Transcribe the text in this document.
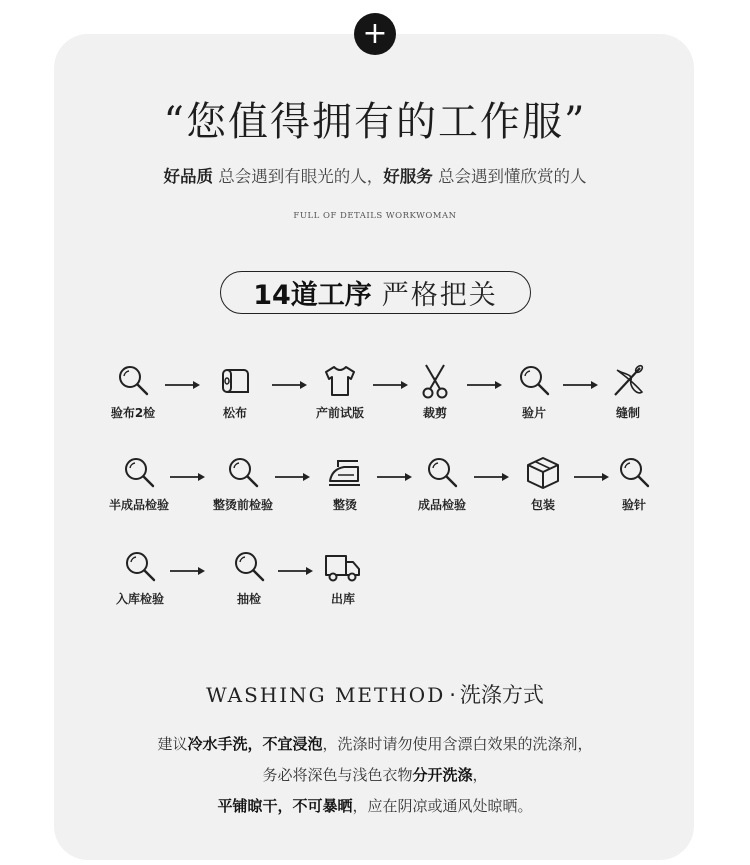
+
“您值得拥有的工作服”
好品质 总会遇到有眼光的人，好服务 总会遇到懂欣赏的人
FULL OF DETAILS WORKWOMAN
14道工序 严格把关
验布2检	松布	产前试版	裁剪	验片	缝制
半成品检验	整烫前检验	整烫	成品检验	包装	验针
入库检验	抽检	出库
WASHING METHOD · 洗涤方式
建议冷水手洗，不宜浸泡，洗涤时请勿使用含漂白效果的洗涤剂，
务必将深色与浅色衣物分开洗涤，
平铺晾干，不可暴晒，应在阴凉或通风处晾晒。
